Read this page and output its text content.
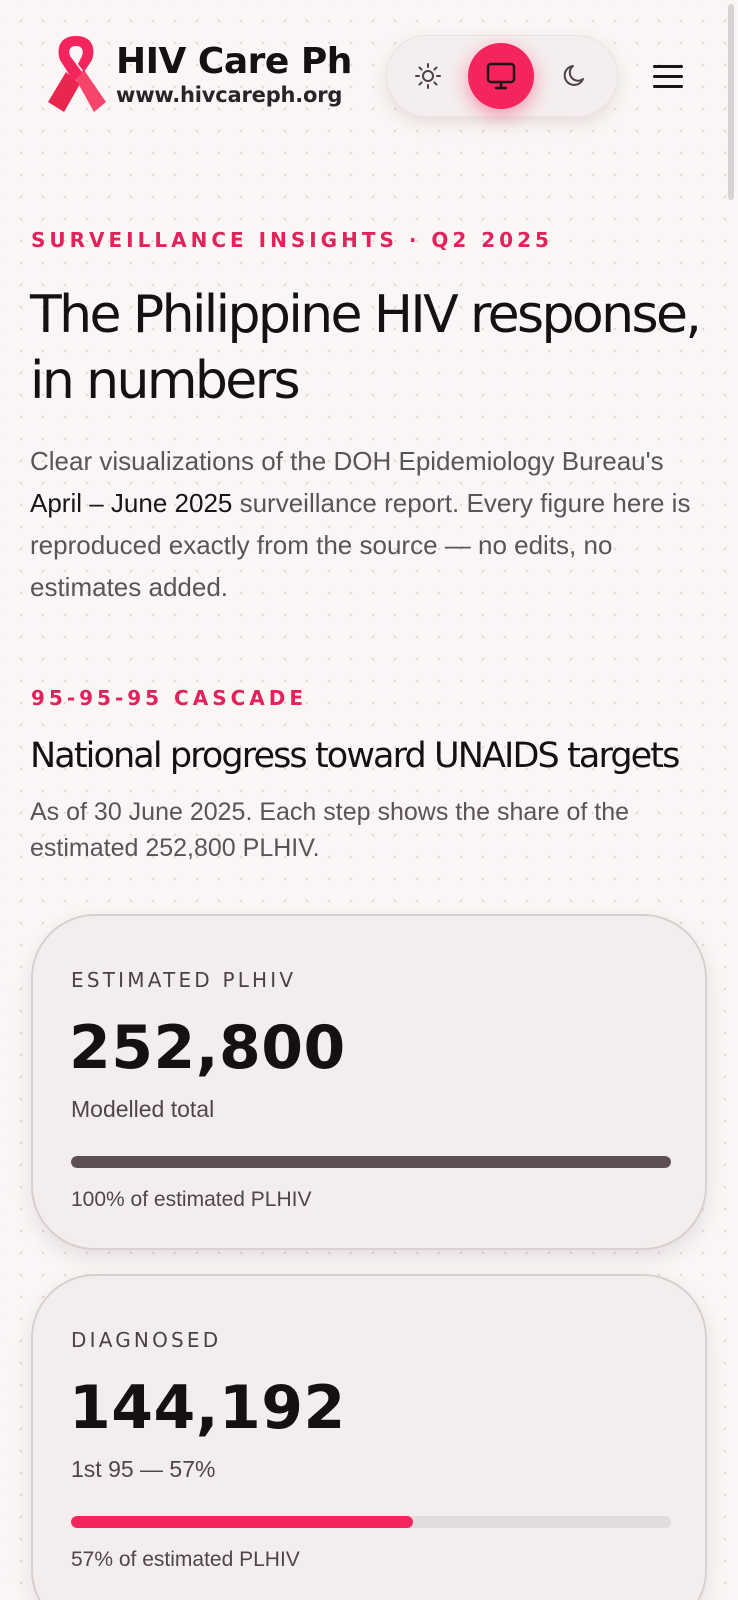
HIV Care Ph
www.hivcareph.org
SURVEILLANCE INSIGHTS · Q2 2025
The Philippine HIV response, in numbers

Clear visualizations of the DOH Epidemiology Bureau's April – June 2025 surveillance report. Every figure here is reproduced exactly from the source — no edits, no estimates added.

95-95-95 CASCADE
National progress toward UNAIDS targets

As of 30 June 2025. Each step shows the share of the estimated 252,800 PLHIV.

ESTIMATED PLHIV
252,800
Modelled total
100% of estimated PLHIV
DIAGNOSED
144,192
1st 95 — 57%
57% of estimated PLHIV
